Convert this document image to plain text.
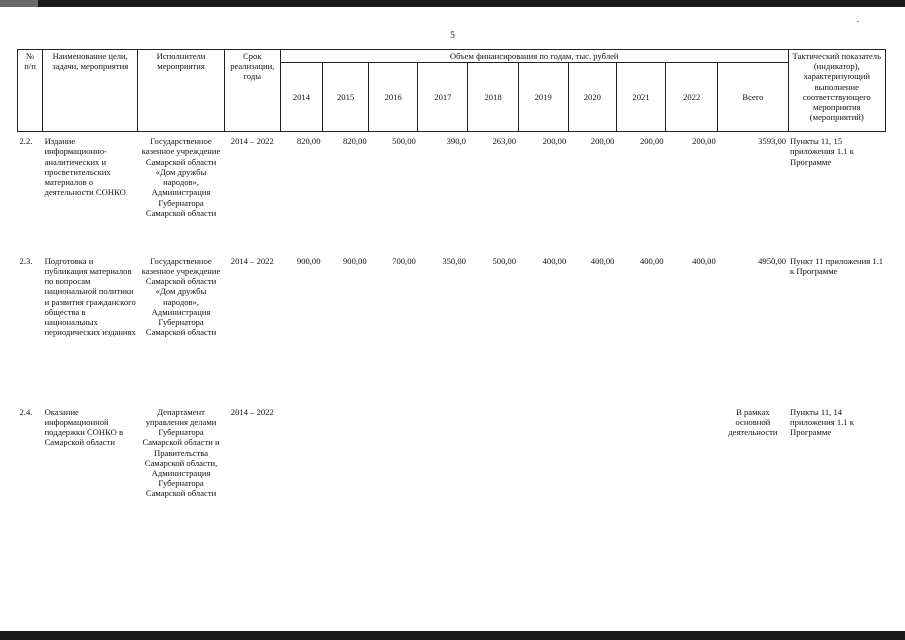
.
5
№
п/п	Наименование цели, задачи, мероприятия	Исполнители мероприятия	Срок реализации, годы	Объем финансирования по годам, тыс. рублей										Тактический показатель (индикатор), характеризующий выполнение соответствующего мероприятия (мероприятий)
				2014	2015	2016	2017	2018	2019	2020	2021	2022	Всего	
2.2.	Издание информационно-аналитических и просветительских материалов о деятельности СОНКО	Государственное казенное учреждение Самарской области «Дом дружбы народов», Администрация Губернатора Самарской области	2014 – 2022	820,00	820,00	500,00	390,0	263,00	200,00	200,00	200,00	200,00	3593,00	Пункты 11, 15 приложения 1.1 к Программе
2.3.	Подготовка и публикация материалов по вопросам национальной политики и развития гражданского общества в национальных периодических изданиях	Государственное казенное учреждение Самарской области «Дом дружбы народов», Администрация Губернатора Самарской области	2014 – 2022	900,00	900,00	700,00	350,00	500,00	400,00	400,00	400,00	400,00	4950,00	Пункт 11 приложения 1.1 к Программе
2.4.	Оказание информационной поддержки СОНКО в Самарской области	Департамент управления делами Губернатора Самарской области и Правительства Самарской области, Администрация Губернатора Самарской области	2014 – 2022										В рамках основной деятельности	Пункты 11, 14 приложения 1.1 к Программе
